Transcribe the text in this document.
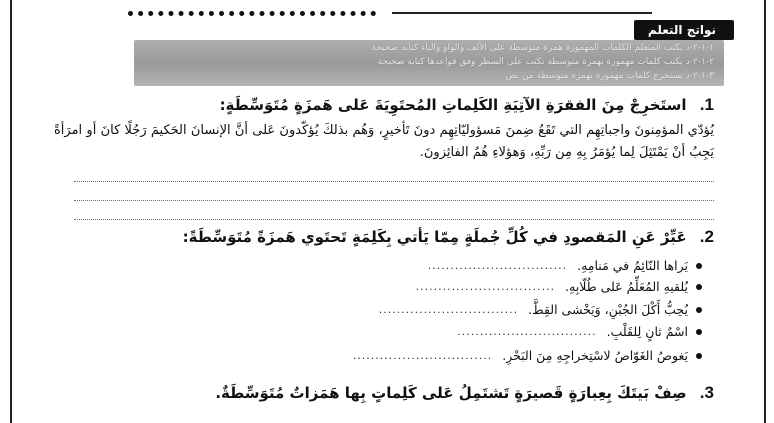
نواتج التعلم
١-١-٢-د يكتب المتعلم الكلمات المهموزة همزة متوسطة على الألف والواو والياء كتابة صحيحة
٢-١-٢-د يكتب كلمات مهموزة بهمزة متوسطة تكتب على السطر وفق قواعدها كتابة صحيحة
٣-١-٢-د يستخرج كلمات مهموزة بهمزة متوسطة من نص
1. استَخرِجْ مِنَ الفقرَةِ الآتِيَةِ الكَلِماتِ المُحتَوِيَةَ عَلى هَمزَةٍ مُتَوَسِّطَةٍ:
يُؤدّي المؤمِنونَ واجباتِهِم التي تَقَعُ ضِمنَ مَسؤوليّاتِهِم دونَ تَأخيرٍ، وَهُم بذلكَ يُؤكّدونَ عَلى أنَّ الإنسانَ الحَكيمَ رَجُلًا كانَ أو امرَأةً يَجِبُ أنْ يَمْتَثِلَ لِما يُؤمَرُ بِهِ مِن رَبِّهِ، وَهؤلاءِ هُمُ الفائِزونَ.
2. عَبِّرْ عَنِ المَقصودِ في كُلِّ جُملَةٍ مِمّا يَأتي بِكَلِمَةٍ تَحتَوي هَمزَةً مُتَوَسِّطَةً:
يَراها النّائِمُ في مَنامِهِ.
...............................
يُلقيهِ المُعَلِّمُ عَلى طُلّابِهِ.
...............................
يُحِبُّ أَكْلَ الجُبْنِ، وَيَخْشى القِطَّ.
...............................
اسْمٌ ثانٍ لِلقَلْبِ.
...............................
يَغوصُ الغَوّاصُ لاسْتِخراجِهِ مِنَ البَحْرِ.
...............................
3. صِفْ بَيتَكَ بِعِبارَةٍ قَصيرَةٍ تَشتَمِلُ عَلى كَلِماتٍ بِها هَمَزاتٌ مُتَوَسِّطَةٌ.
